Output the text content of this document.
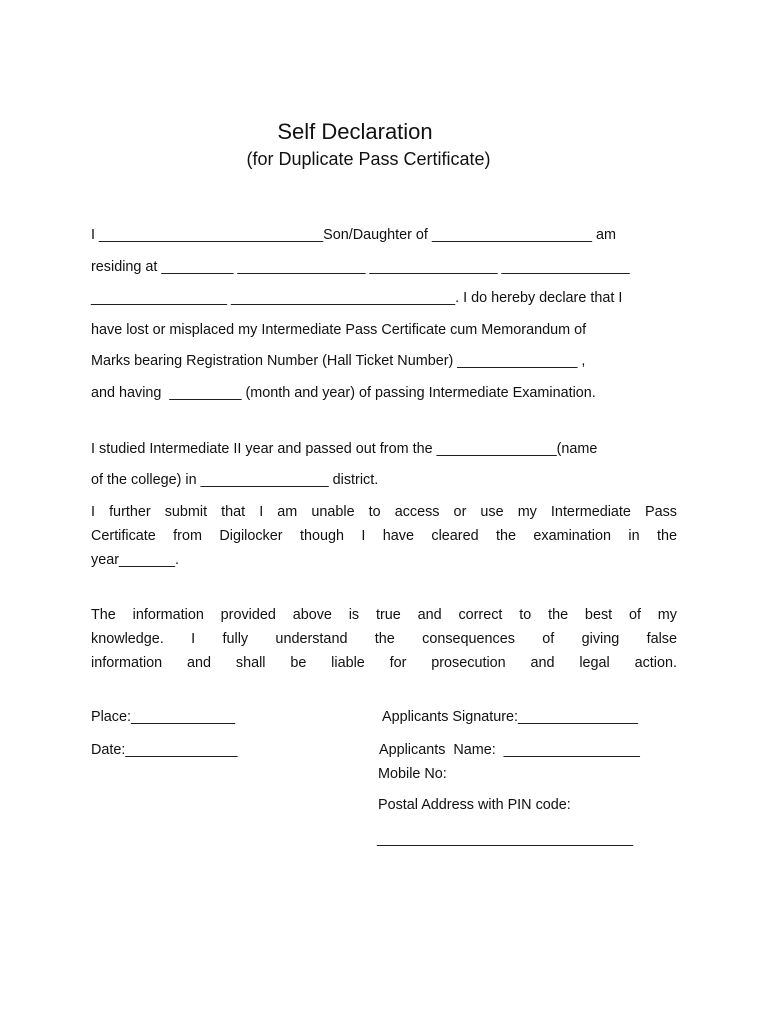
Self Declaration
(for Duplicate Pass Certificate)
I ____________________________Son/Daughter of ____________________ am
residing at _________ ________________ ________________ ________________
_________________ ____________________________. I do hereby declare that I
have lost or misplaced my Intermediate Pass Certificate cum Memorandum of
Marks bearing Registration Number (Hall Ticket Number) _______________ ,
and having  _________ (month and year) of passing Intermediate Examination.
I studied Intermediate II year and passed out from the _______________(name
of the college) in ________________ district.
I further submit that I am unable to access or use my Intermediate Pass
Certificate from Digilocker though I have cleared the examination in the
year_______.
The information provided above is true and correct to the best of my
knowledge. I fully understand the consequences of giving false
information and shall be liable for prosecution and legal action.
Place:_____________
Date:______________
Applicants Signature:_______________
Applicants  Name:  _________________
Mobile No:
Postal Address with PIN code:
________________________________
